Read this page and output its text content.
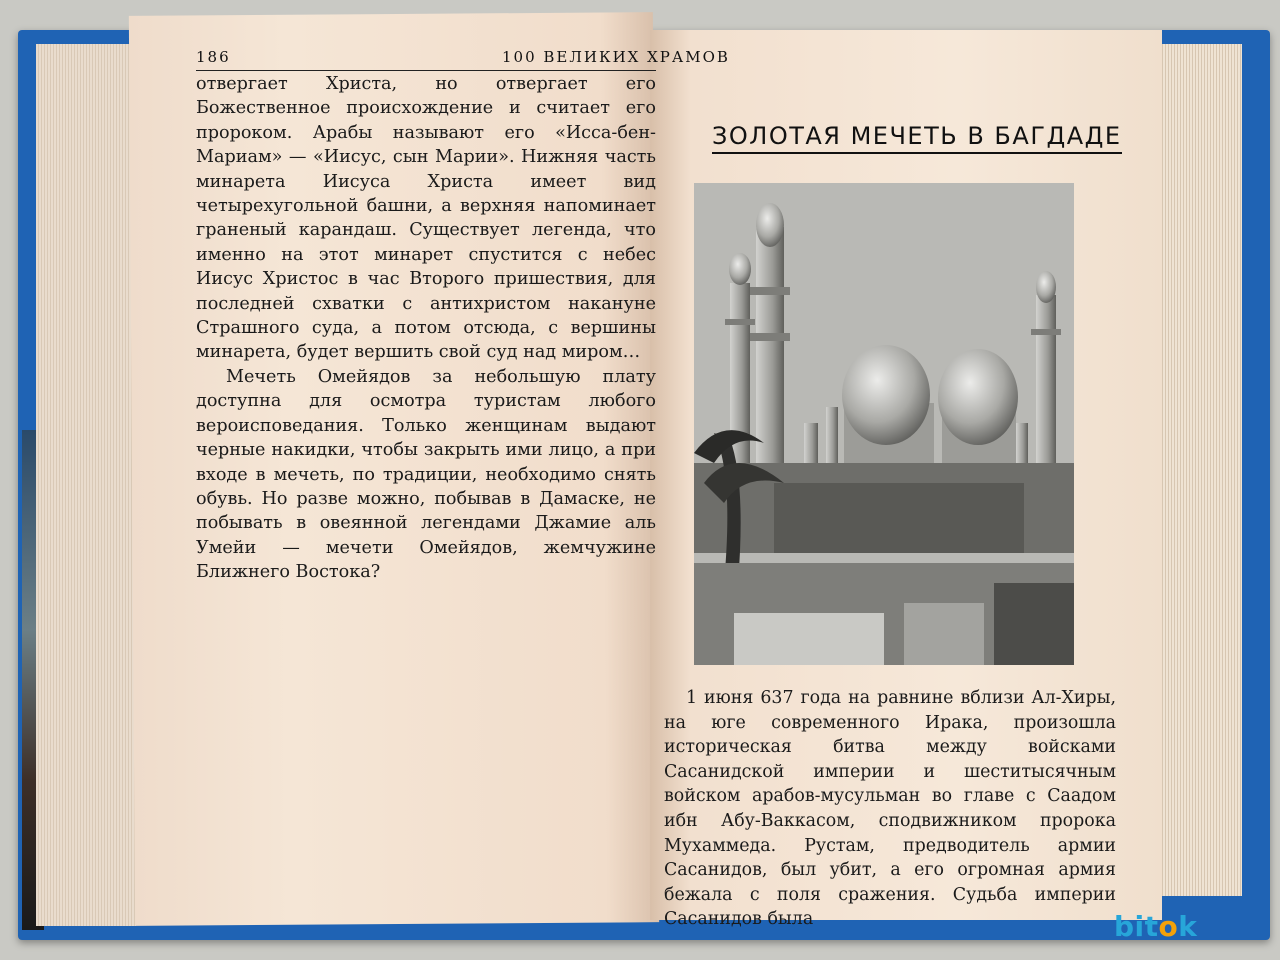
186	100 ВЕЛИКИХ ХРАМОВ

отвергает Христа, но отвергает его Божественное происхождение и считает его пророком. Арабы называют его «Исса-бен-Мариам» — «Иисус, сын Марии». Нижняя часть минарета Иисуса Христа имеет вид четырехугольной башни, а верхняя напоминает граненый карандаш. Существует легенда, что именно на этот минарет спустится с небес Иисус Христос в час Второго пришествия, для последней схватки с антихристом накануне Страшного суда, а потом отсюда, с вершины минарета, будет вершить свой суд над миром…

Мечеть Омейядов за небольшую плату доступна для осмотра туристам любого вероисповедания. Только женщинам выдают черные накидки, чтобы закрыть ими лицо, а при входе в мечеть, по традиции, необходимо снять обувь. Но разве можно, побывав в Дамаске, не побывать в овеянной легендами Джамие аль Умейи — мечети Омейядов, жемчужине Ближнего Востока?

ЗОЛОТАЯ МЕЧЕТЬ В БАГДАДЕ

1 июня 637 года на равнине вблизи Ал-Хиры, на юге современного Ирака, произошла историческая битва между войсками Сасанидской империи и шеститысячным войском арабов-мусульман во главе с Саадом ибн Абу-Ваккасом, сподвижником пророка Мухаммеда. Рустам, предводитель армии Сасанидов, был убит, а его огромная армия бежала с поля сражения. Судьба империи Сасанидов была	bitok
